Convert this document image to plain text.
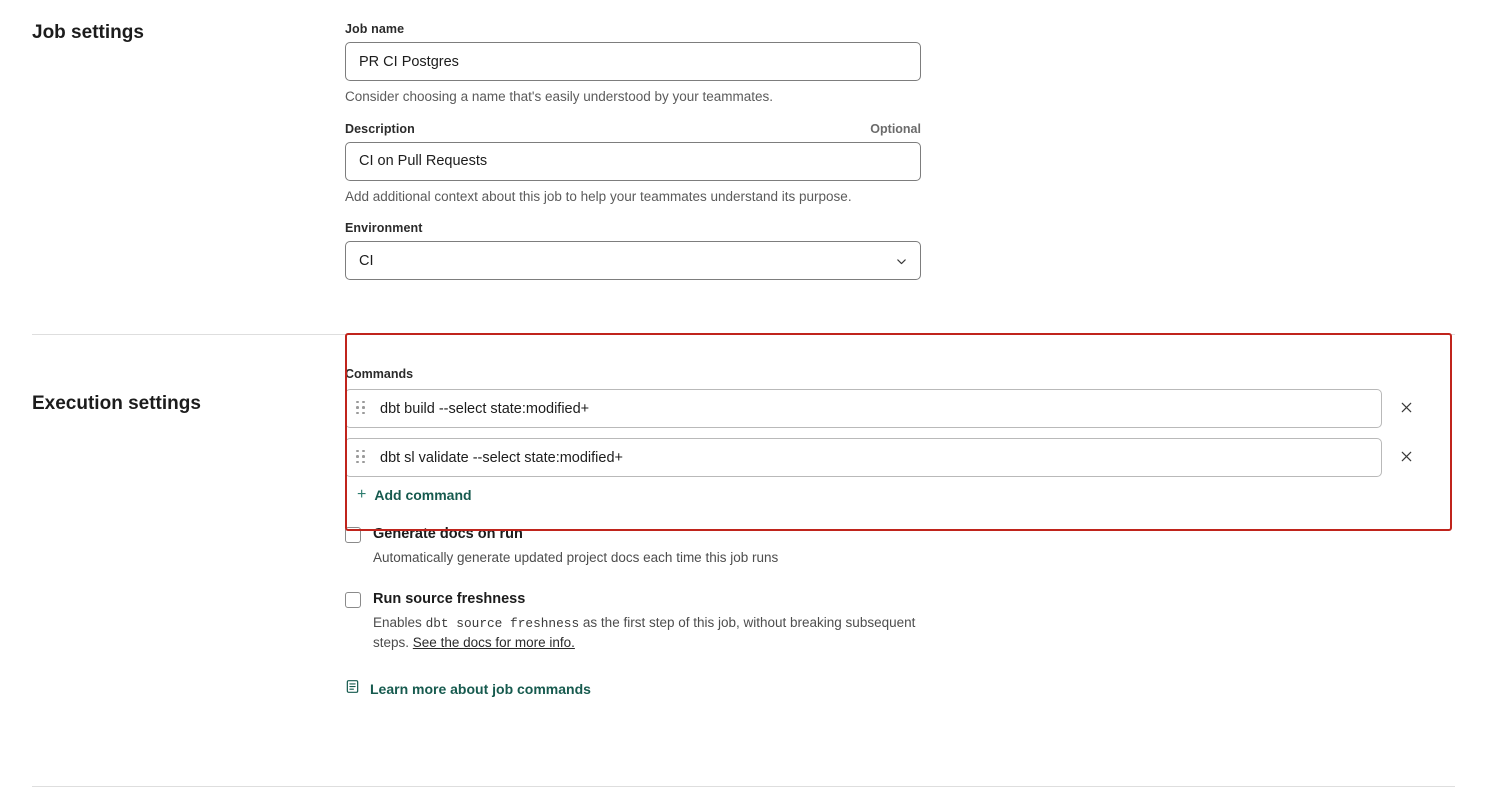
Job settings	Job name
PR CI Postgres
Consider choosing a name that's easily understood by your teammates.
Description	Optional
CI on Pull Requests
Add additional context about this job to help your teammates understand its purpose.
Environment
CI
Execution settings
Commands
dbt build --select state:modified+
dbt sl validate --select state:modified+
+ Add command
Generate docs on run
Automatically generate updated project docs each time this job runs
Run source freshness
Enables dbt source freshness as the first step of this job, without breaking subsequent steps. See the docs for more info.
Learn more about job commands
